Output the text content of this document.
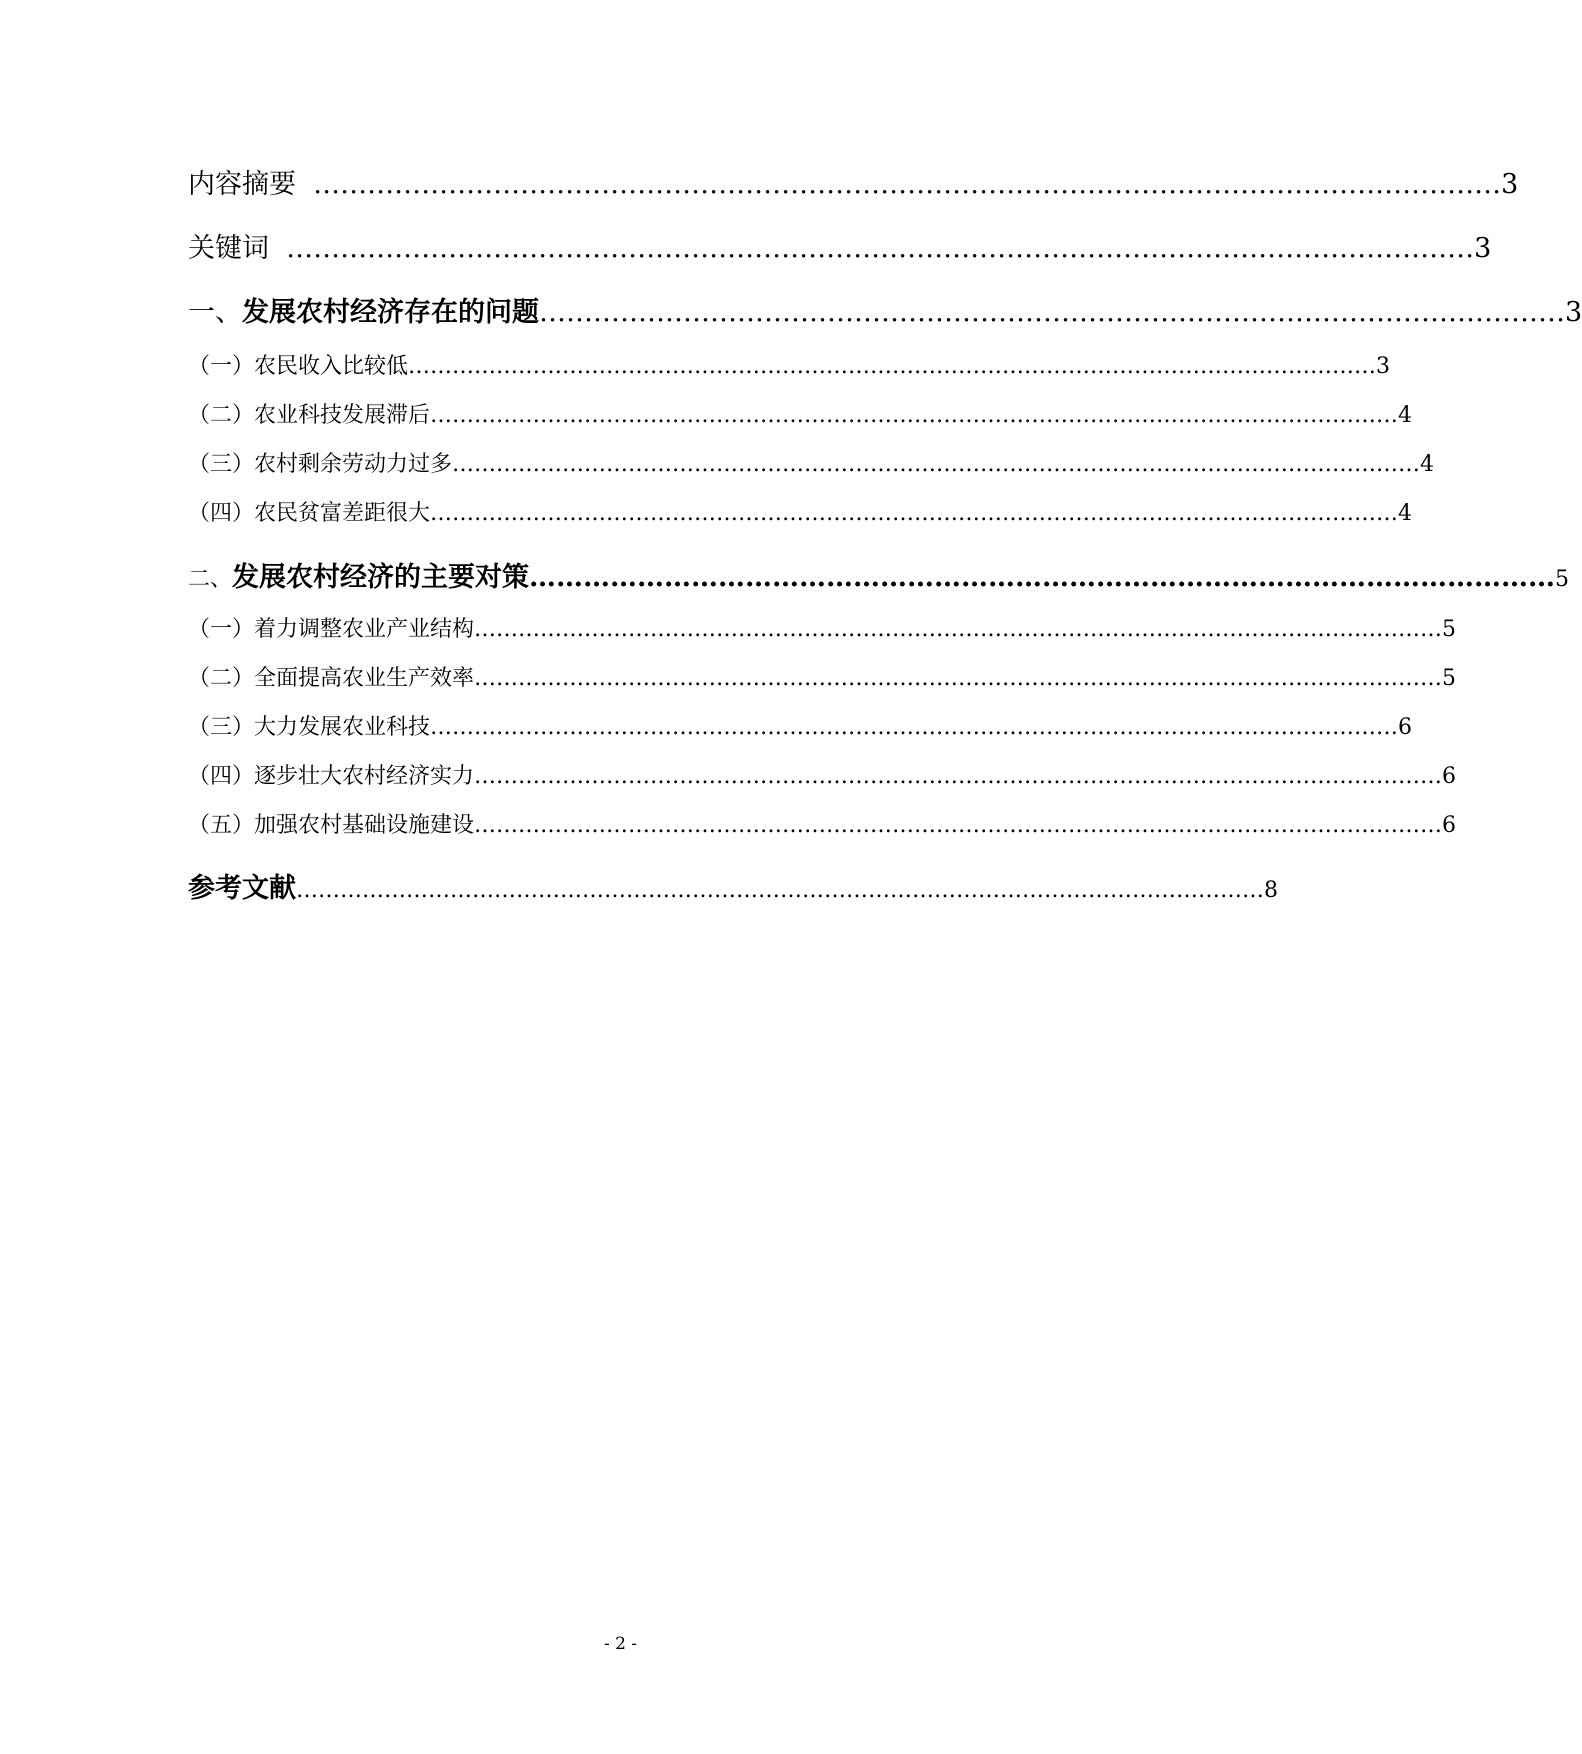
内容摘要 …………………………………………………………………………………………………………………… 3
关键词 …………………………………………………………………………………………………………………… 3
一、 发展农村经济存在的问题 …………………………………………………………………………………………………… 3
（一）农民收入比较低 …………………………………………………………………………………………………………………… 3
（二）农业科技发展滞后 …………………………………………………………………………………………………………………… 4
（三）农村剩余劳动力过多 …………………………………………………………………………………………………………………… 4
（四）农民贫富差距很大 …………………………………………………………………………………………………………………… 4
二、 发展农村经济的主要对策 …………………………………………………………………………………………………… 5
（一）着力调整农业产业结构 …………………………………………………………………………………………………………………… 5
（二）全面提高农业生产效率 …………………………………………………………………………………………………………………… 5
（三）大力发展农业科技 …………………………………………………………………………………………………………………… 6
（四）逐步壮大农村经济实力 …………………………………………………………………………………………………………………… 6
（五）加强农村基础设施建设 …………………………………………………………………………………………………………………… 6
参考文献 …………………………………………………………………………………………………………………… 8
- 2 -
